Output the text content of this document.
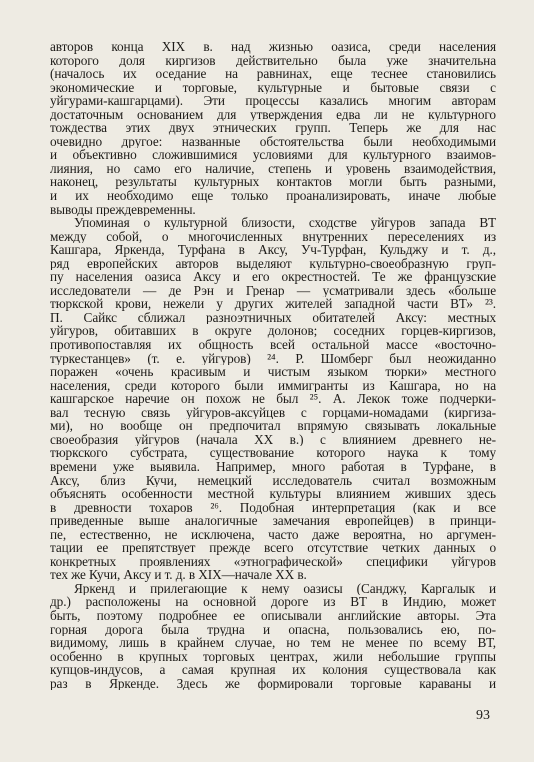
авторов конца XIX в. над жизнью оазиса, среди населения
которого доля киргизов действительно была уже значительна
(началось их оседание на равнинах, еще теснее становились
экономические и торговые, культурные и бытовые связи с
уйгурами-кашгарцами). Эти процессы казались многим авторам
достаточным основанием для утверждения едва ли не культурного
тождества этих двух этнических групп. Теперь же для нас
очевидно другое: названные обстоятельства были необходимыми
и объективно сложившимися условиями для культурного взаимов-
лияния, но само его наличие, степень и уровень взаимодействия,
наконец, результаты культурных контактов могли быть разными,
и их необходимо еще только проанализировать, иначе любые
выводы преждевременны.
Упоминая о культурной близости, сходстве уйгуров запада ВТ
между собой, о многочисленных внутренних переселениях из
Кашгара, Яркенда, Турфана в Аксу, Уч-Турфан, Кульджу и т. д.,
ряд европейских авторов выделяют культурно-своеобразную груп-
пу населения оазиса Аксу и его окрестностей. Те же французские
исследователи — де Рэн и Гренар — усматривали здесь «больше
тюркской крови, нежели у других жителей западной части ВТ» ²³.
П. Сайкс сближал разноэтничных обитателей Аксу: местных
уйгуров, обитавших в округе долонов; соседних горцев-киргизов,
противопоставляя их общность всей остальной массе «восточно-
туркестанцев» (т. е. уйгуров) ²⁴. Р. Шомберг был неожиданно
поражен «очень красивым и чистым языком тюрки» местного
населения, среди которого были иммигранты из Кашгара, но на
кашгарское наречие он похож не был ²⁵. А. Лекок тоже подчерки-
вал тесную связь уйгуров-аксуйцев с горцами-номадами (киргиза-
ми), но вообще он предпочитал впрямую связывать локальные
своеобразия уйгуров (начала XX в.) с влиянием древнего не-
тюркского субстрата, существование которого наука к тому
времени уже выявила. Например, много работая в Турфане, в
Аксу, близ Кучи, немецкий исследователь считал возможным
объяснять особенности местной культуры влиянием живших здесь
в древности тохаров ²⁶. Подобная интерпретация (как и все
приведенные выше аналогичные замечания европейцев) в принци-
пе, естественно, не исключена, часто даже вероятна, но аргумен-
тации ее препятствует прежде всего отсутствие четких данных о
конкретных проявлениях «этнографической» специфики уйгуров
тех же Кучи, Аксу и т. д. в XIX—начале XX в.
Яркенд и прилегающие к нему оазисы (Санджу, Каргалык и
др.) расположены на основной дороге из ВТ в Индию, может
быть, поэтому подробнее ее описывали английские авторы. Эта
горная дорога была трудна и опасна, пользовались ею, по-
видимому, лишь в крайнем случае, но тем не менее по всему ВТ,
особенно в крупных торговых центрах, жили небольшие группы
купцов-индусов, а самая крупная их колония существовала как
раз в Яркенде. Здесь же формировали торговые караваны и
93
